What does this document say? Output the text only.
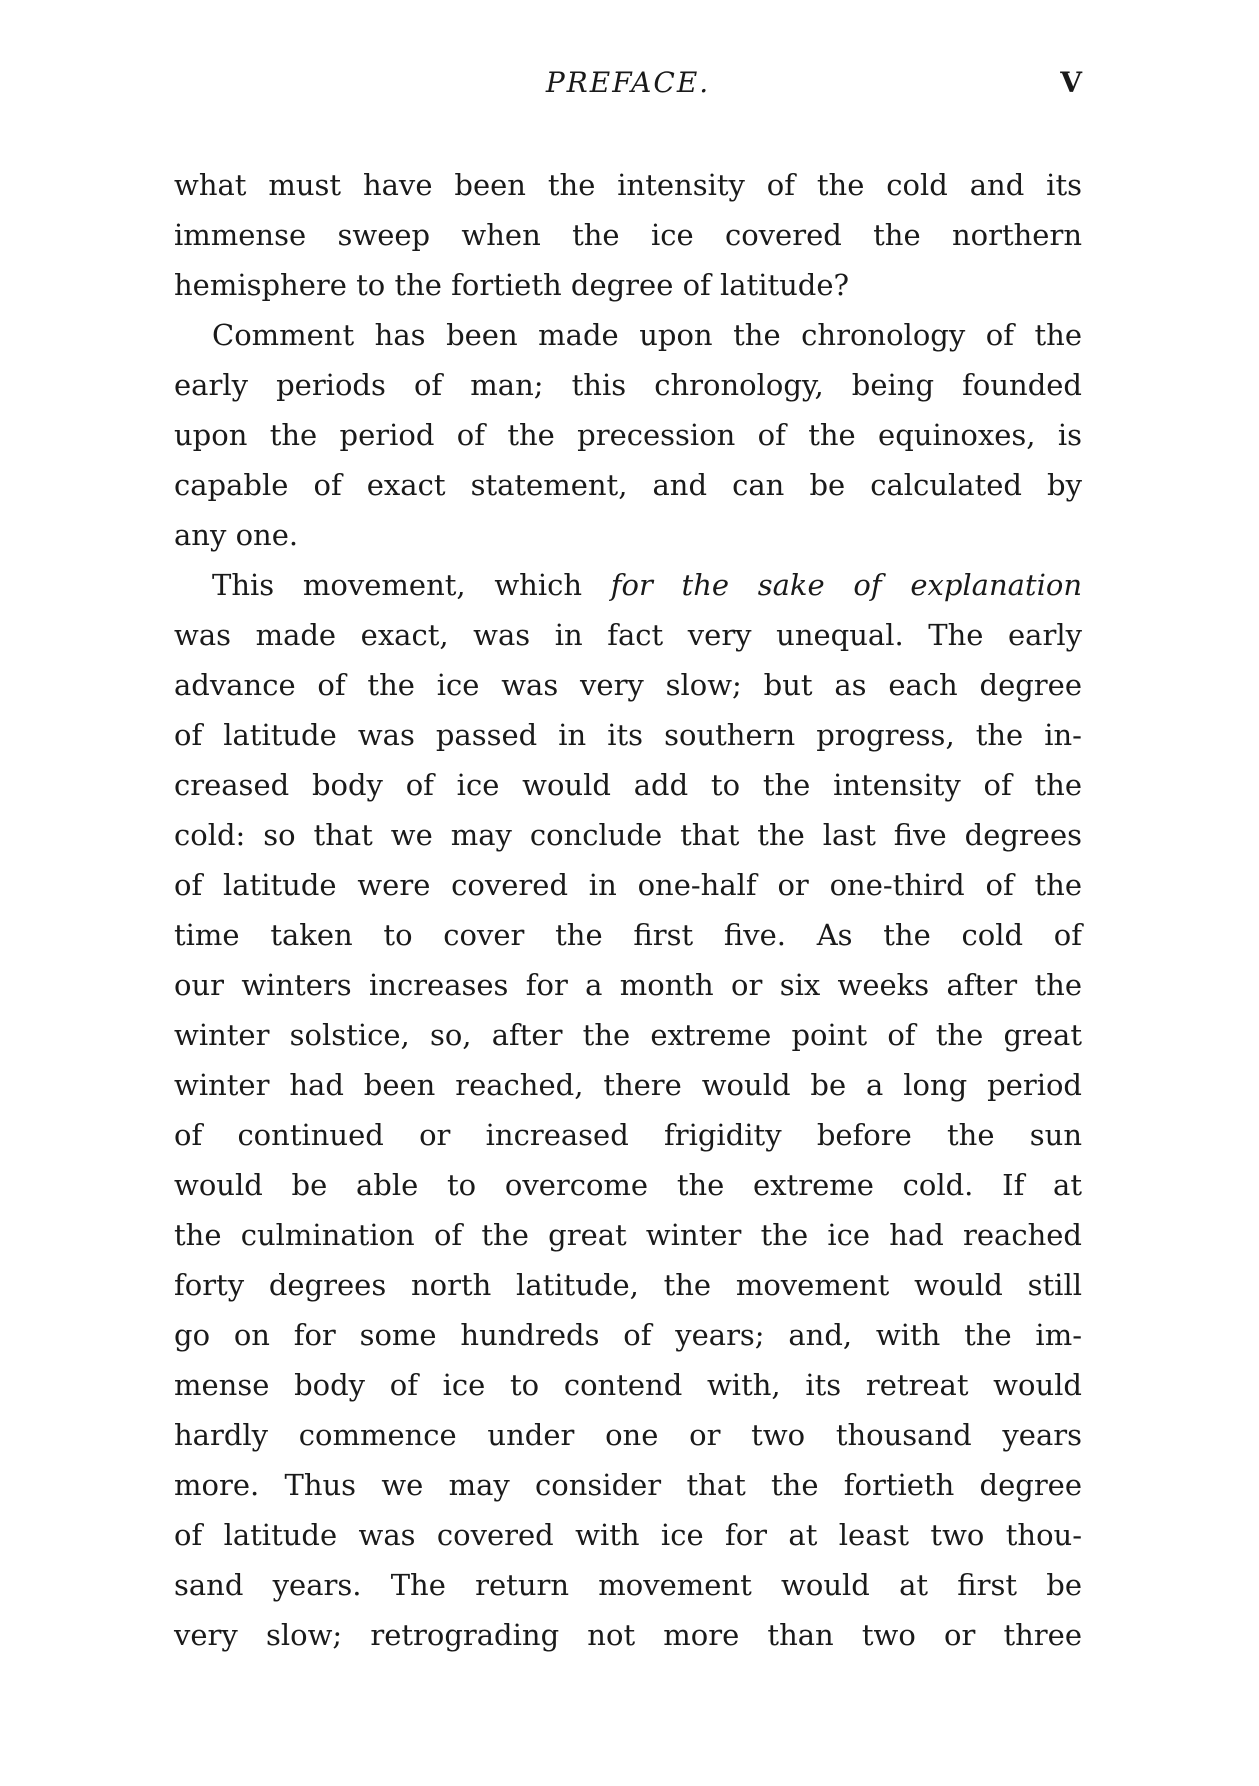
PREFACE.	V
what must have been the intensity of the cold and its
immense sweep when the ice covered the northern
hemisphere to the fortieth degree of latitude?
Comment has been made upon the chronology of the
early periods of man; this chronology, being founded
upon the period of the precession of the equinoxes, is
capable of exact statement, and can be calculated by
any one.
This movement, which for the sake of explanation
was made exact, was in fact very unequal. The early
advance of the ice was very slow; but as each degree
of latitude was passed in its southern progress, the in-
creased body of ice would add to the intensity of the
cold: so that we may conclude that the last five degrees
of latitude were covered in one-half or one-third of the
time taken to cover the first five. As the cold of
our winters increases for a month or six weeks after the
winter solstice, so, after the extreme point of the great
winter had been reached, there would be a long period
of continued or increased frigidity before the sun
would be able to overcome the extreme cold. If at
the culmination of the great winter the ice had reached
forty degrees north latitude, the movement would still
go on for some hundreds of years; and, with the im-
mense body of ice to contend with, its retreat would
hardly commence under one or two thousand years
more. Thus we may consider that the fortieth degree
of latitude was covered with ice for at least two thou-
sand years. The return movement would at first be
very slow; retrograding not more than two or three
